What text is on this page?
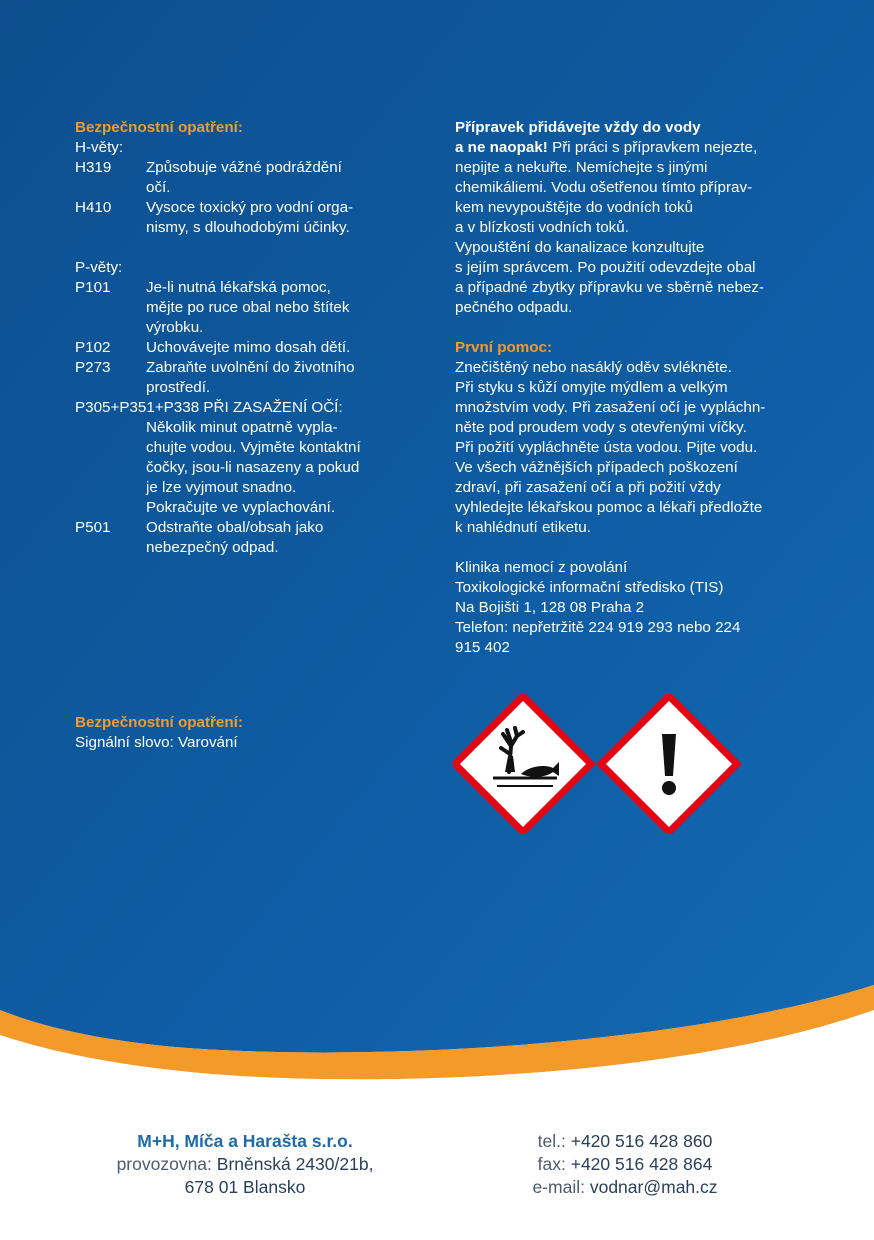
Bezpečnostní opatření:
H-věty:
H319	Způsobuje vážné podráždění
očí.
H410	Vysoce toxický pro vodní orga-
nismy, s dlouhodobými účinky.
P-věty:
P101	Je-li nutná lékařská pomoc,
mějte po ruce obal nebo štítek
výrobku.
P102	Uchovávejte mimo dosah dětí.
P273	Zabraňte uvolnění do životního
prostředí.
P305+P351+P338 PŘI ZASAŽENÍ OČÍ:
Několik minut opatrně vypla-
chujte vodou. Vyjměte kontaktní
čočky, jsou-li nasazeny a pokud
je lze vyjmout snadno.
Pokračujte ve vyplachování.
P501	Odstraňte obal/obsah jako
nebezpečný odpad.
Přípravek přidávejte vždy do vody
a ne naopak! Při práci s přípravkem nejezte,
nepijte a nekuřte. Nemíchejte s jinými
chemikáliemi. Vodu ošetřenou tímto příprav-
kem nevypouštějte do vodních toků
a v blízkosti vodních toků.
Vypouštění do kanalizace konzultujte
s jejím správcem. Po použití odevzdejte obal
a případné zbytky přípravku ve sběrně nebez-
pečného odpadu.
První pomoc:
Znečištěný nebo nasáklý oděv svlékněte.
Při styku s kůží omyjte mýdlem a velkým
množstvím vody. Při zasažení očí je vypláchn-
něte pod proudem vody s otevřenými víčky.
Při požití vypláchněte ústa vodou. Pijte vodu.
Ve všech vážnějších případech poškození
zdraví, při zasažení očí a při požití vždy
vyhledejte lékařskou pomoc a lékaři předložte
k nahlédnutí etiketu.
Klinika nemocí z povolání
Toxikologické informační středisko (TIS)
Na Bojišti 1, 128 08 Praha 2
Telefon: nepřetržitě 224 919 293 nebo 224
915 402
Bezpečnostní opatření:
Signální slovo: Varování
M+H, Míča a Harašta s.r.o.
provozovna: Brněnská 2430/21b,
678 01 Blansko
tel.: +420 516 428 860
fax: +420 516 428 864
e-mail: vodnar@mah.cz
